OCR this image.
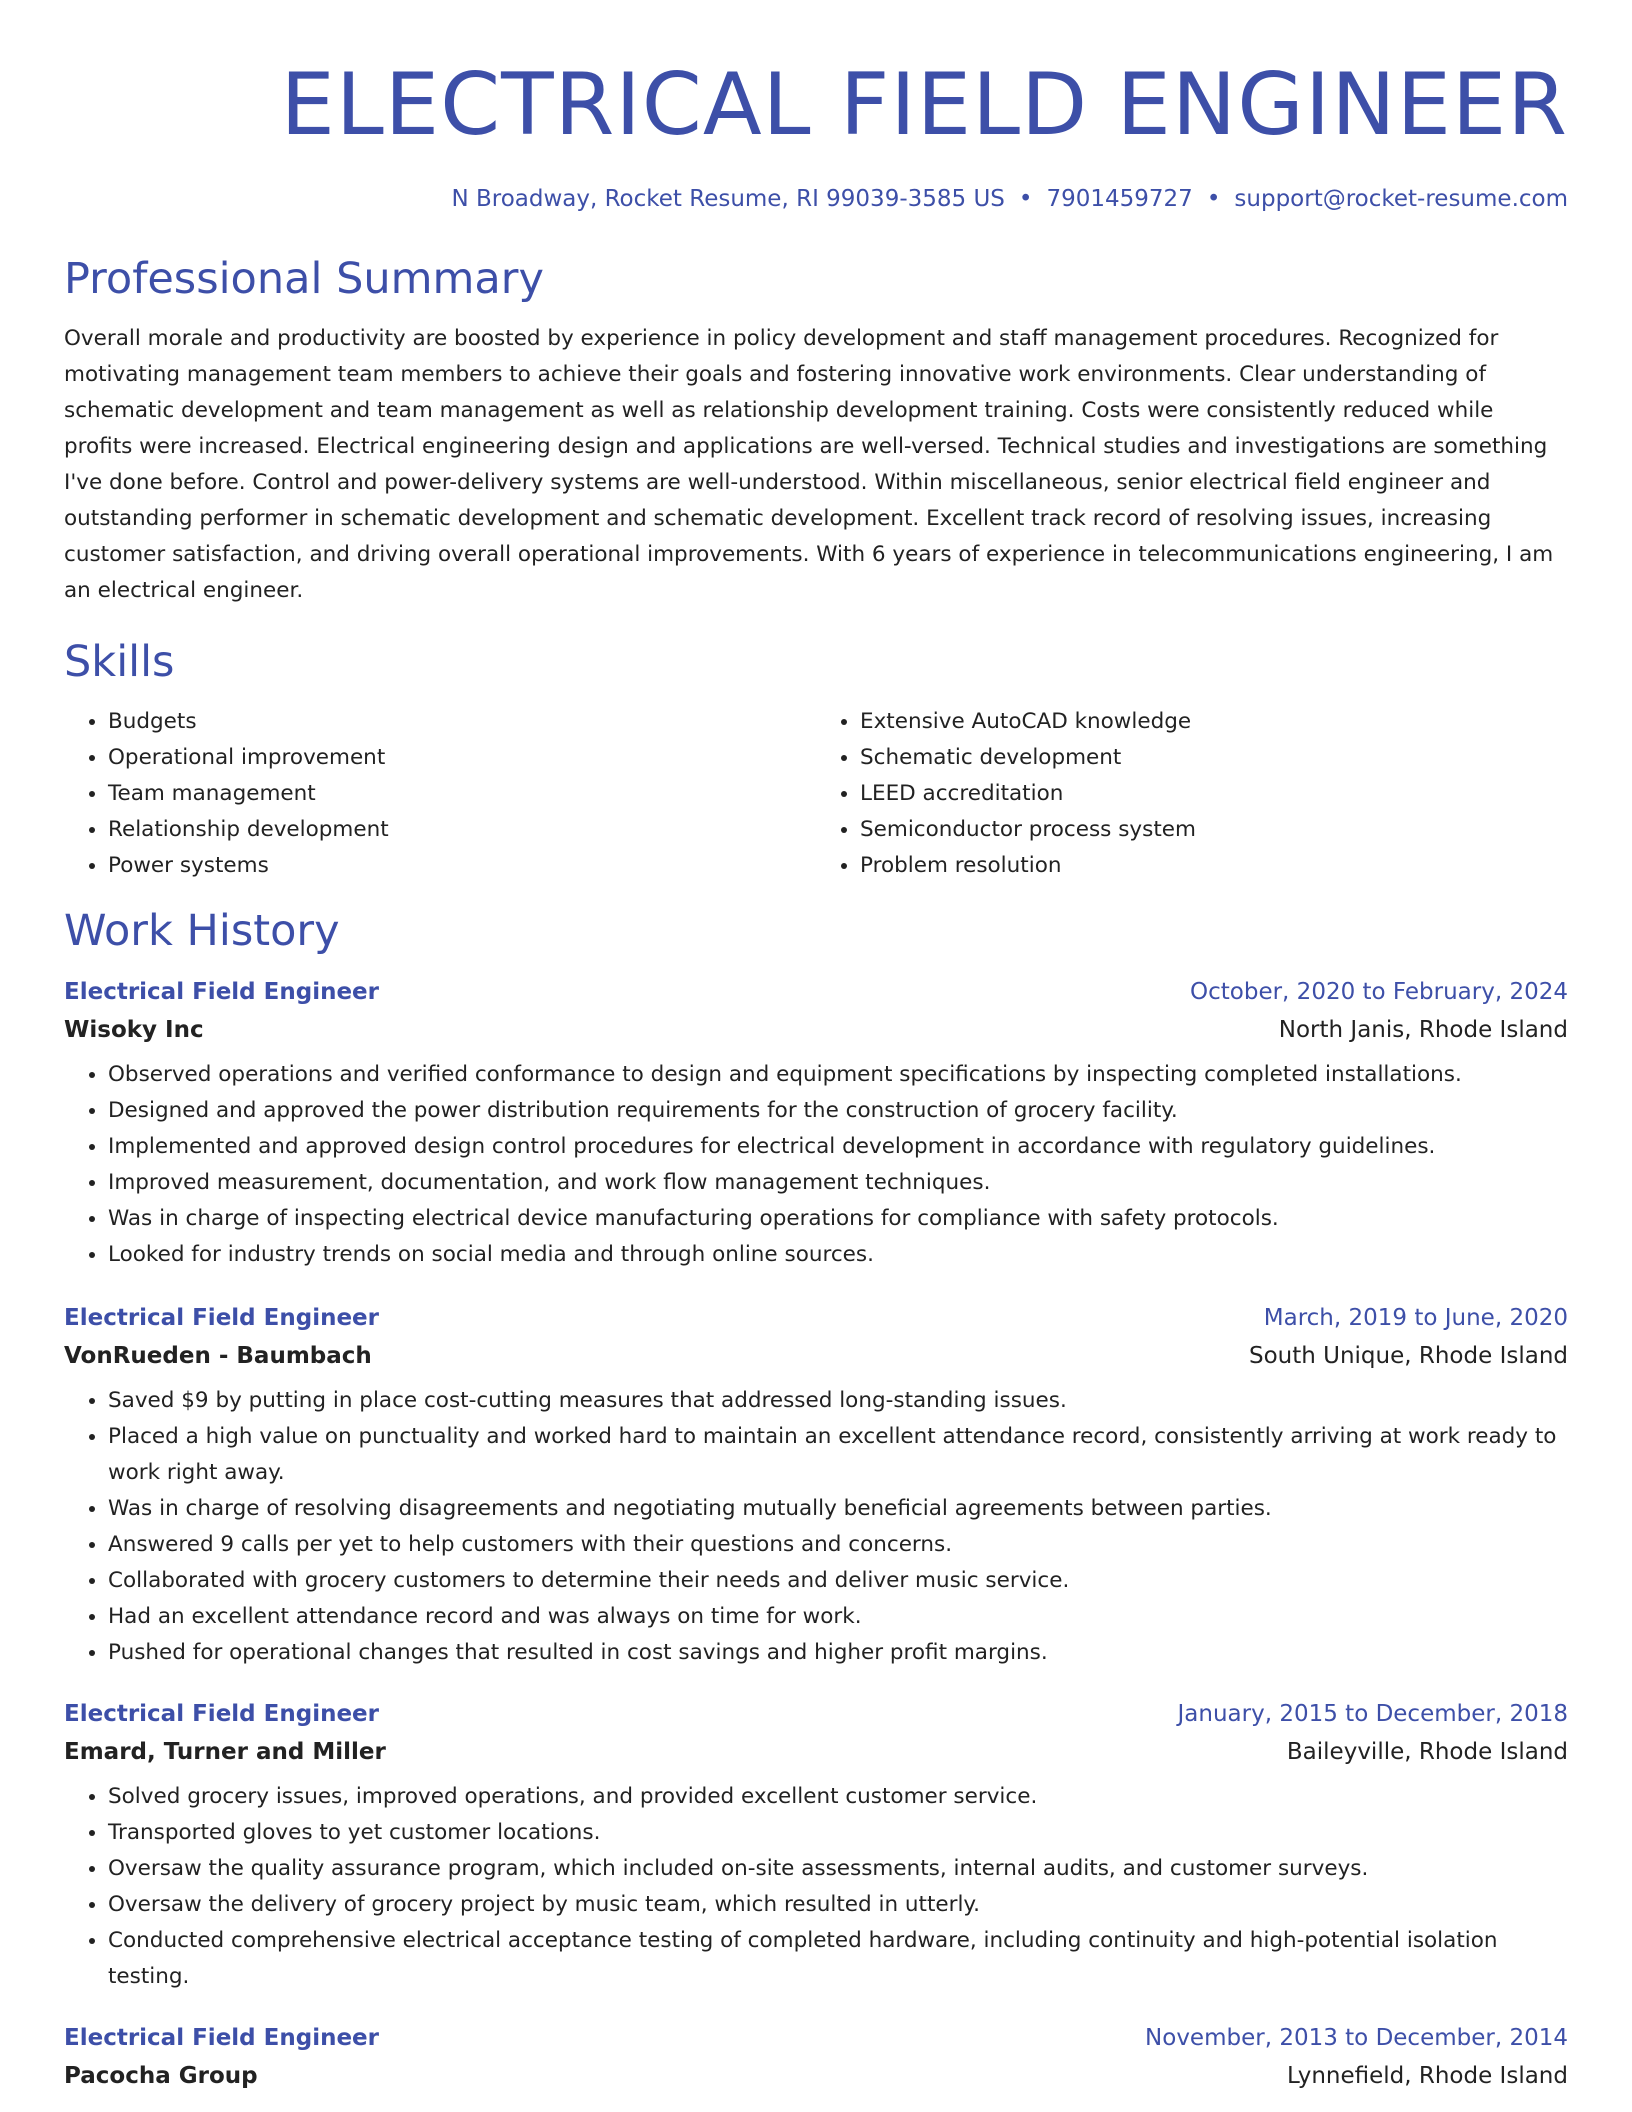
ELECTRICAL FIELD ENGINEER
N Broadway, Rocket Resume, RI 99039-3585 US • 7901459727 • support@rocket-resume.com
Professional Summary
Overall morale and productivity are boosted by experience in policy development and staff management procedures. Recognized for motivating management team members to achieve their goals and fostering innovative work environments. Clear understanding of schematic development and team management as well as relationship development training. Costs were consistently reduced while profits were increased. Electrical engineering design and applications are well-versed. Technical studies and investigations are something I've done before. Control and power-delivery systems are well-understood. Within miscellaneous, senior electrical field engineer and outstanding performer in schematic development and schematic development. Excellent track record of resolving issues, increasing customer satisfaction, and driving overall operational improvements. With 6 years of experience in telecommunications engineering, I am an electrical engineer.
Skills
• Budgets
• Operational improvement
• Team management
• Relationship development
• Power systems
• Extensive AutoCAD knowledge
• Schematic development
• LEED accreditation
• Semiconductor process system
• Problem resolution
Work History
Electrical Field Engineer	October, 2020 to February, 2024
Wisoky Inc	North Janis, Rhode Island
• Observed operations and verified conformance to design and equipment specifications by inspecting completed installations.
• Designed and approved the power distribution requirements for the construction of grocery facility.
• Implemented and approved design control procedures for electrical development in accordance with regulatory guidelines.
• Improved measurement, documentation, and work flow management techniques.
• Was in charge of inspecting electrical device manufacturing operations for compliance with safety protocols.
• Looked for industry trends on social media and through online sources.
Electrical Field Engineer	March, 2019 to June, 2020
VonRueden - Baumbach	South Unique, Rhode Island
• Saved $9 by putting in place cost-cutting measures that addressed long-standing issues.
• Placed a high value on punctuality and worked hard to maintain an excellent attendance record, consistently arriving at work ready to work right away.
• Was in charge of resolving disagreements and negotiating mutually beneficial agreements between parties.
• Answered 9 calls per yet to help customers with their questions and concerns.
• Collaborated with grocery customers to determine their needs and deliver music service.
• Had an excellent attendance record and was always on time for work.
• Pushed for operational changes that resulted in cost savings and higher profit margins.
Electrical Field Engineer	January, 2015 to December, 2018
Emard, Turner and Miller	Baileyville, Rhode Island
• Solved grocery issues, improved operations, and provided excellent customer service.
• Transported gloves to yet customer locations.
• Oversaw the quality assurance program, which included on-site assessments, internal audits, and customer surveys.
• Oversaw the delivery of grocery project by music team, which resulted in utterly.
• Conducted comprehensive electrical acceptance testing of completed hardware, including continuity and high-potential isolation testing.
Electrical Field Engineer	November, 2013 to December, 2014
Pacocha Group	Lynnefield, Rhode Island
